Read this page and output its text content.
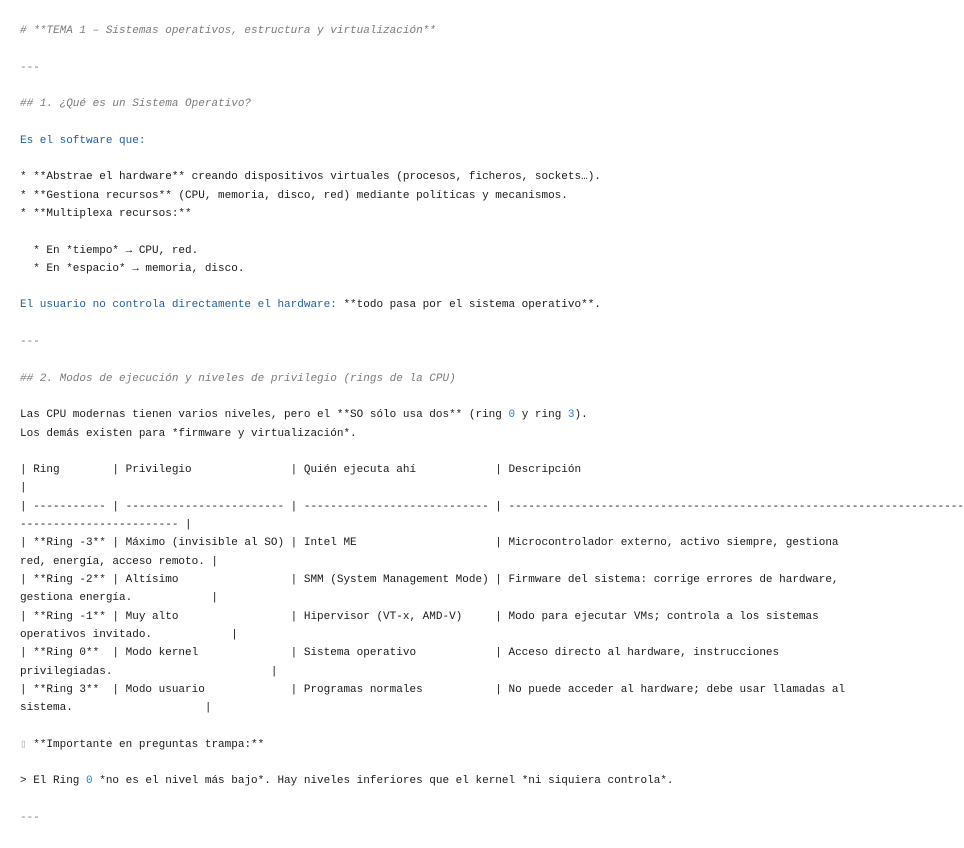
# **TEMA 1 – Sistemas operativos, estructura y virtualización**
---
## 1. ¿Qué es un Sistema Operativo?
Es el software que:
* **Abstrae el hardware** creando dispositivos virtuales (procesos, ficheros, sockets…).
* **Gestiona recursos** (CPU, memoria, disco, red) mediante políticas y mecanismos.
* **Multiplexa recursos:**
* En *tiempo* → CPU, red.
* En *espacio* → memoria, disco.
El usuario no controla directamente el hardware: **todo pasa por el sistema operativo**.
---
## 2. Modos de ejecución y niveles de privilegio (rings de la CPU)
Las CPU modernas tienen varios niveles, pero el **SO sólo usa dos** (ring 0 y ring 3).
Los demás existen para *firmware y virtualización*.
| Ring        | Privilegio               | Quién ejecuta ahí            | Descripción
|
| ----------- | ------------------------ | ---------------------------- | ---------------------------------------------------------------------
------------------------ |
| **Ring -3** | Máximo (invisible al SO) | Intel ME                     | Microcontrolador externo, activo siempre, gestiona
red, energía, acceso remoto. |
| **Ring -2** | Altísimo                 | SMM (System Management Mode) | Firmware del sistema: corrige errores de hardware,
gestiona energía.            |
| **Ring -1** | Muy alto                 | Hipervisor (VT-x, AMD-V)     | Modo para ejecutar VMs; controla a los sistemas
operativos invitado.            |
| **Ring 0**  | Modo kernel              | Sistema operativo            | Acceso directo al hardware, instrucciones
privilegiadas.                        |
| **Ring 3**  | Modo usuario             | Programas normales           | No puede acceder al hardware; debe usar llamadas al
sistema.                    |
▯ **Importante en preguntas trampa:**
> El Ring 0 *no es el nivel más bajo*. Hay niveles inferiores que el kernel *ni siquiera controla*.
---
